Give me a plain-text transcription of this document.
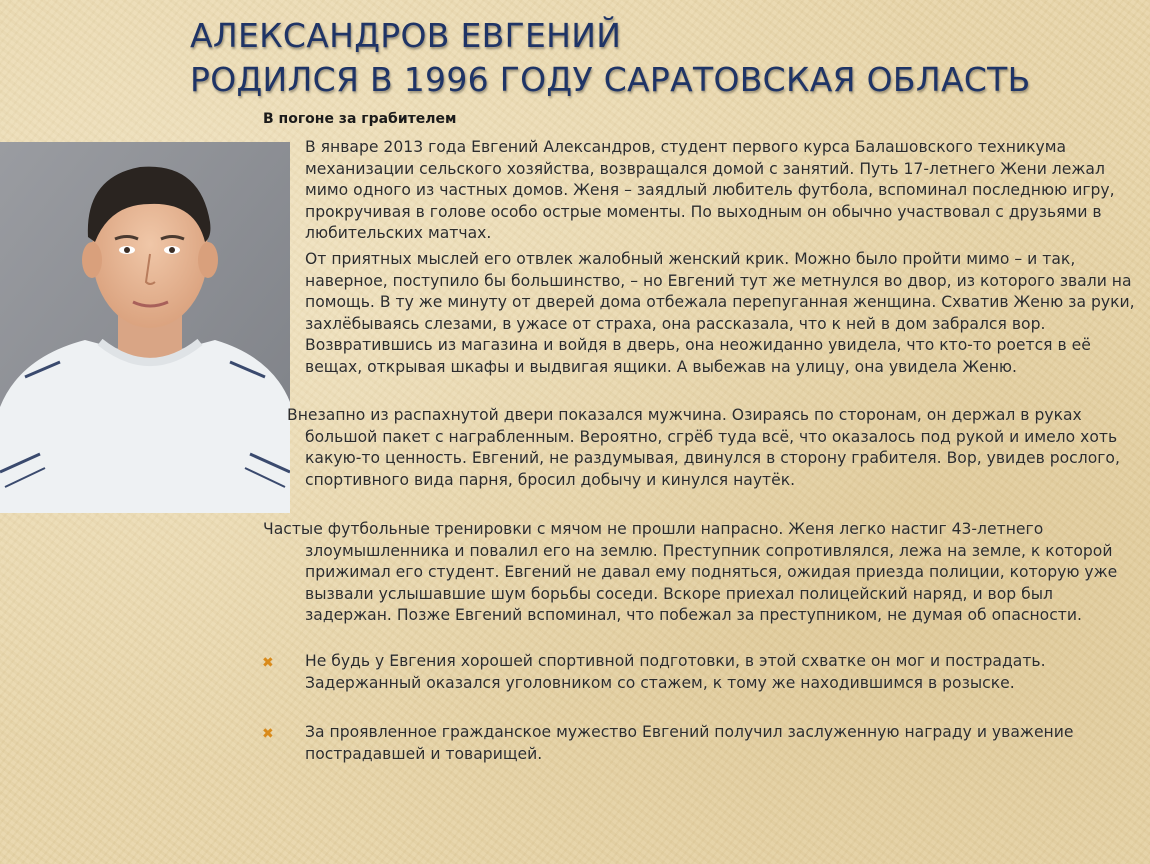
АЛЕКСАНДРОВ ЕВГЕНИЙ
РОДИЛСЯ В 1996 ГОДУ САРАТОВСКАЯ ОБЛАСТЬ
В погоне за грабителем

В январе 2013 года Евгений Александров, студент первого курса Балашовского техникума механизации сельского хозяйства, возвращался домой с занятий. Путь 17-летнего Жени лежал мимо одного из частных домов. Женя – заядлый любитель футбола, вспоминал последнюю игру, прокручивая в голове особо острые моменты. По выходным он обычно участвовал с друзьями в любительских матчах.

От приятных мыслей его отвлек жалобный женский крик. Можно было пройти мимо – и так, наверное, поступило бы большинство, – но Евгений тут же метнулся во двор, из которого звали на помощь. В ту же минуту от дверей дома отбежала перепуганная женщина. Схватив Женю за руки, захлёбываясь слезами, в ужасе от страха, она рассказала, что к ней в дом забрался вор. Возвратившись из магазина и войдя в дверь, она неожиданно увидела, что кто-то роется в её вещах, открывая шкафы и выдвигая ящики. А выбежав на улицу, она увидела Женю.

Внезапно из распахнутой двери показался мужчина. Озираясь по сторонам, он держал в руках большой пакет с награбленным. Вероятно, сгрёб туда всё, что оказалось под рукой и имело хоть какую-то ценность. Евгений, не раздумывая, двинулся в сторону грабителя. Вор, увидев рослого, спортивного вида парня, бросил добычу и кинулся наутёк.

Частые футбольные тренировки с мячом не прошли напрасно. Женя легко настиг 43-летнего злоумышленника и повалил его на землю. Преступник сопротивлялся, лежа на земле, к которой прижимал его студент. Евгений не давал ему подняться, ожидая приезда полиции, которую уже вызвали услышавшие шум борьбы соседи. Вскоре приехал полицейский наряд, и вор был задержан. Позже Евгений вспоминал, что побежал за преступником, не думая об опасности.

✖ Не будь у Евгения хорошей спортивной подготовки, в этой схватке он мог и пострадать. Задержанный оказался уголовником со стажем, к тому же находившимся в розыске.

✖ За проявленное гражданское мужество Евгений получил заслуженную награду и уважение пострадавшей и товарищей.
